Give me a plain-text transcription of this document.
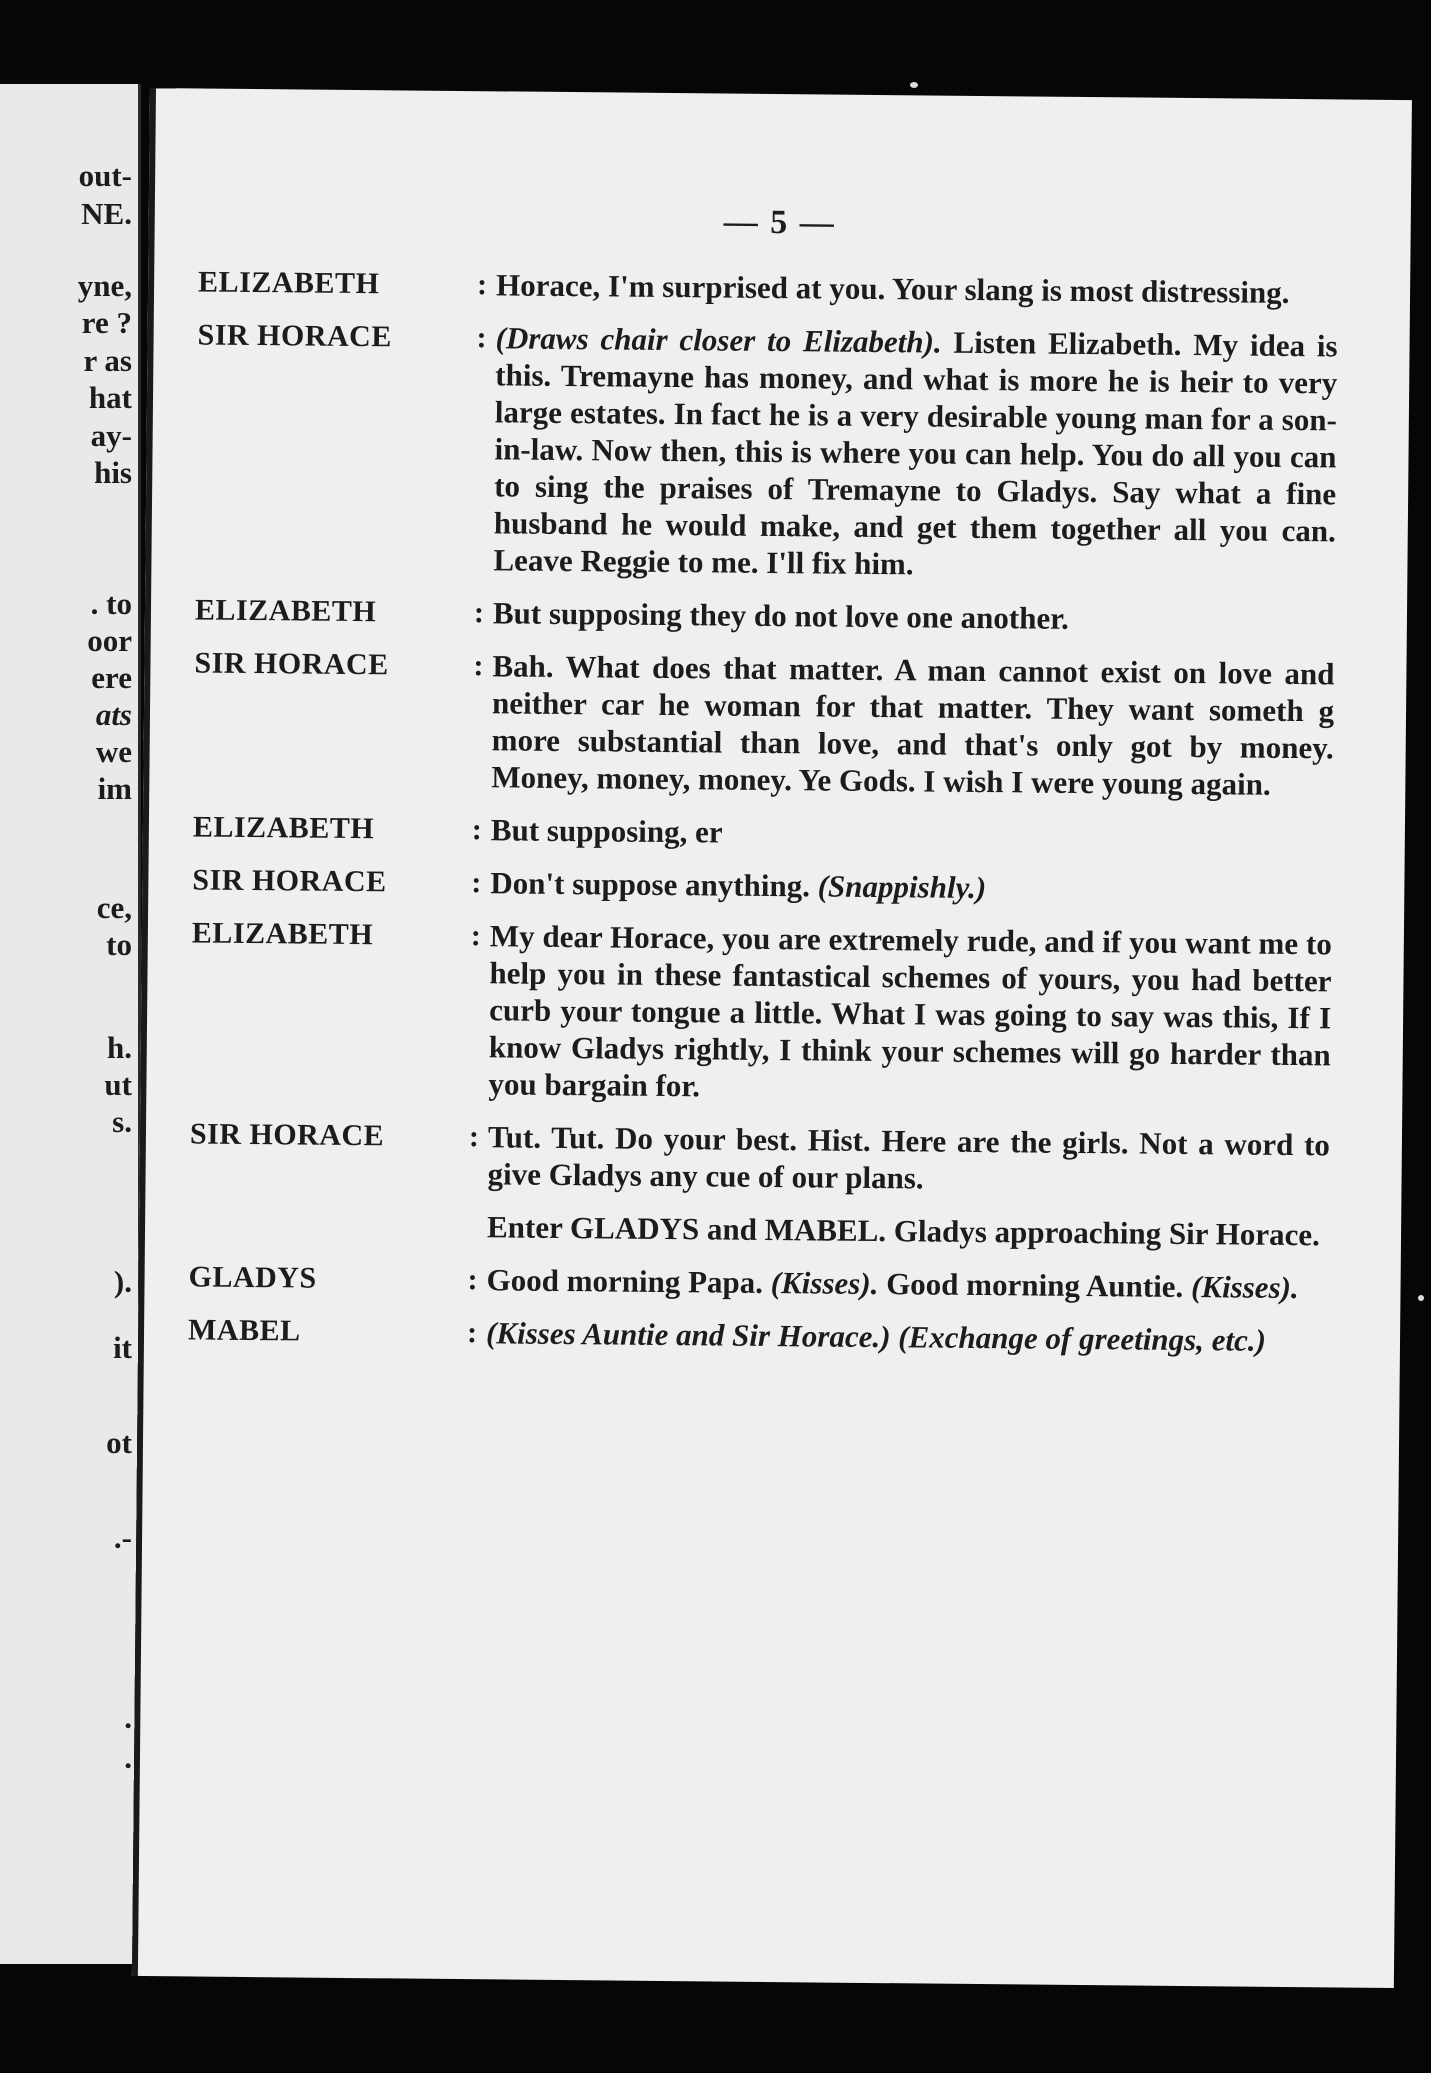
out-
NE.
yne,
re ?
r as
hat
ay-
his
. to
oor
ere
ats
we
im
ce,
to
h.
ut
s.
).
it
ot
.-
.
.
— 5 —
ELIZABETH	: Horace, I'm surprised at you. Your slang is most distressing.
SIR HORACE	: (Draws chair closer to Elizabeth). Listen Elizabeth. My idea is this. Tremayne has money, and what is more he is heir to very large estates. In fact he is a very desirable young man for a son-in-law. Now then, this is where you can help. You do all you can to sing the praises of Tremayne to Gladys. Say what a fine husband he would make, and get them together all you can. Leave Reggie to me. I'll fix him.
ELIZABETH	: But supposing they do not love one another.
SIR HORACE	: Bah. What does that matter. A man cannot exist on love and neither car he woman for that matter. They want someth g more substantial than love, and that's only got by money. Money, money, money. Ye Gods. I wish I were young again.
ELIZABETH	: But supposing, er
SIR HORACE	: Don't suppose anything. (Snappishly.)
ELIZABETH	: My dear Horace, you are extremely rude, and if you want me to help you in these fantastical schemes of yours, you had better curb your tongue a little. What I was going to say was this, If I know Gladys rightly, I think your schemes will go harder than you bargain for.
SIR HORACE	: Tut. Tut. Do your best. Hist. Here are the girls. Not a word to give Gladys any cue of our plans.
Enter GLADYS and MABEL. Gladys approaching Sir Horace.
GLADYS	: Good morning Papa. (Kisses). Good morning Auntie. (Kisses).
MABEL	: (Kisses Auntie and Sir Horace.) (Exchange of greetings, etc.)
